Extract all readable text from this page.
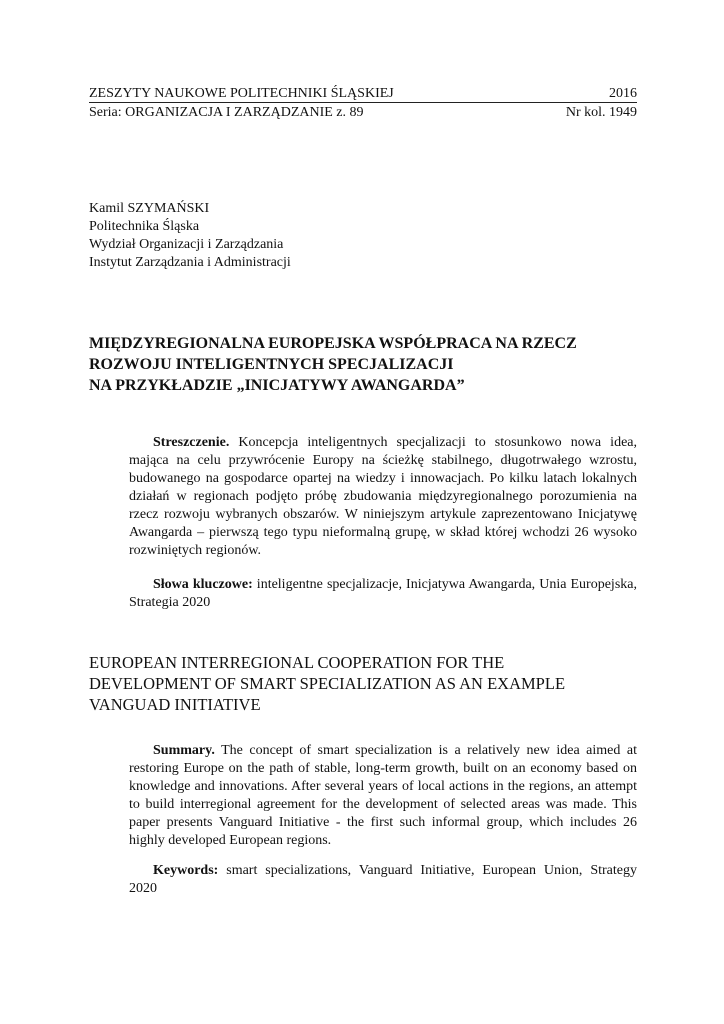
ZESZYTY NAUKOWE POLITECHNIKI ŚLĄSKIEJ	2016
Seria: ORGANIZACJA I ZARZĄDZANIE z. 89	Nr kol. 1949
Kamil SZYMAŃSKI
Politechnika Śląska
Wydział Organizacji i Zarządzania
Instytut Zarządzania i Administracji
MIĘDZYREGIONALNA EUROPEJSKA WSPÓŁPRACA NA RZECZ
ROZWOJU INTELIGENTNYCH SPECJALIZACJI
NA PRZYKŁADZIE „INICJATYWY AWANGARDA”
Streszczenie. Koncepcja inteligentnych specjalizacji to stosunkowo nowa idea, mająca na celu przywrócenie Europy na ścieżkę stabilnego, długotrwałego wzrostu, budowanego na gospodarce opartej na wiedzy i innowacjach. Po kilku latach lokalnych działań w regionach podjęto próbę zbudowania międzyregionalnego porozumienia na rzecz rozwoju wybranych obszarów. W niniejszym artykule zaprezentowano Inicjatywę Awangarda – pierwszą tego typu nieformalną grupę, w skład której wchodzi 26 wysoko rozwiniętych regionów.
Słowa kluczowe: inteligentne specjalizacje, Inicjatywa Awangarda, Unia Europejska, Strategia 2020
EUROPEAN INTERREGIONAL COOPERATION FOR THE
DEVELOPMENT OF SMART SPECIALIZATION AS AN EXAMPLE
VANGUAD INITIATIVE
Summary. The concept of smart specialization is a relatively new idea aimed at restoring Europe on the path of stable, long-term growth, built on an economy based on knowledge and innovations. After several years of local actions in the regions, an attempt to build interregional agreement for the development of selected areas was made. This paper presents Vanguard Initiative - the first such informal group, which includes 26 highly developed European regions.
Keywords: smart specializations, Vanguard Initiative, European Union, Strategy 2020
